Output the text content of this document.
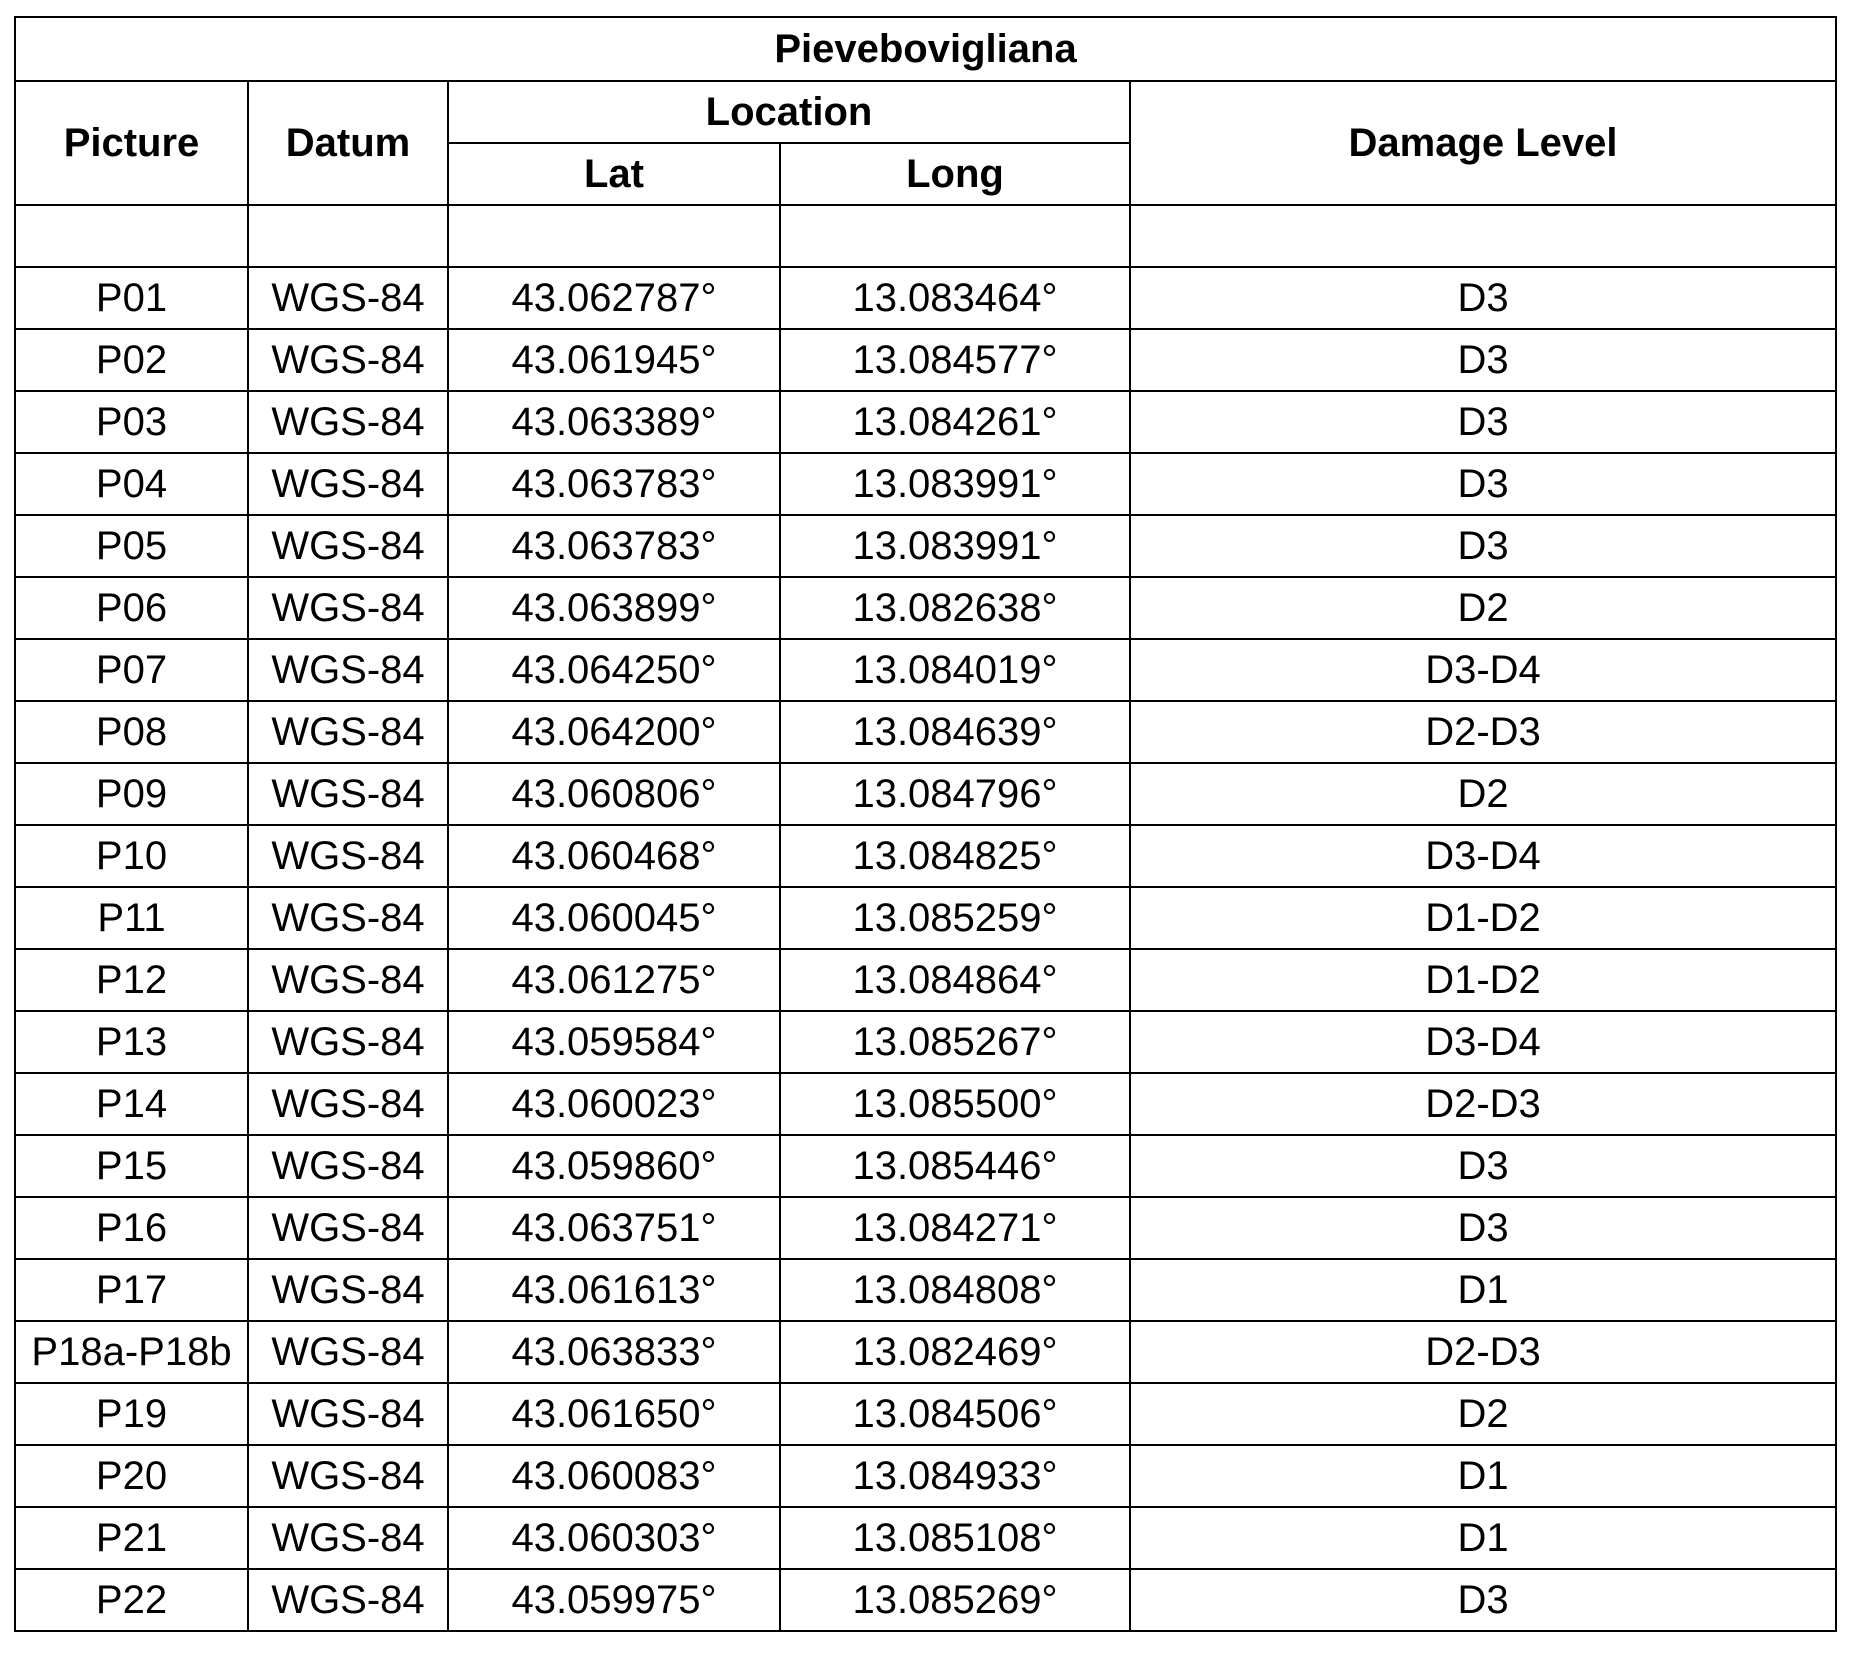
Pievebovigliana				
Picture	Datum	Location		Damage Level
		Lat	Long	

P01	WGS-84	43.062787°	13.083464°	D3
P02	WGS-84	43.061945°	13.084577°	D3
P03	WGS-84	43.063389°	13.084261°	D3
P04	WGS-84	43.063783°	13.083991°	D3
P05	WGS-84	43.063783°	13.083991°	D3
P06	WGS-84	43.063899°	13.082638°	D2
P07	WGS-84	43.064250°	13.084019°	D3-D4
P08	WGS-84	43.064200°	13.084639°	D2-D3
P09	WGS-84	43.060806°	13.084796°	D2
P10	WGS-84	43.060468°	13.084825°	D3-D4
P11	WGS-84	43.060045°	13.085259°	D1-D2
P12	WGS-84	43.061275°	13.084864°	D1-D2
P13	WGS-84	43.059584°	13.085267°	D3-D4
P14	WGS-84	43.060023°	13.085500°	D2-D3
P15	WGS-84	43.059860°	13.085446°	D3
P16	WGS-84	43.063751°	13.084271°	D3
P17	WGS-84	43.061613°	13.084808°	D1
P18a-P18b	WGS-84	43.063833°	13.082469°	D2-D3
P19	WGS-84	43.061650°	13.084506°	D2
P20	WGS-84	43.060083°	13.084933°	D1
P21	WGS-84	43.060303°	13.085108°	D1
P22	WGS-84	43.059975°	13.085269°	D3
